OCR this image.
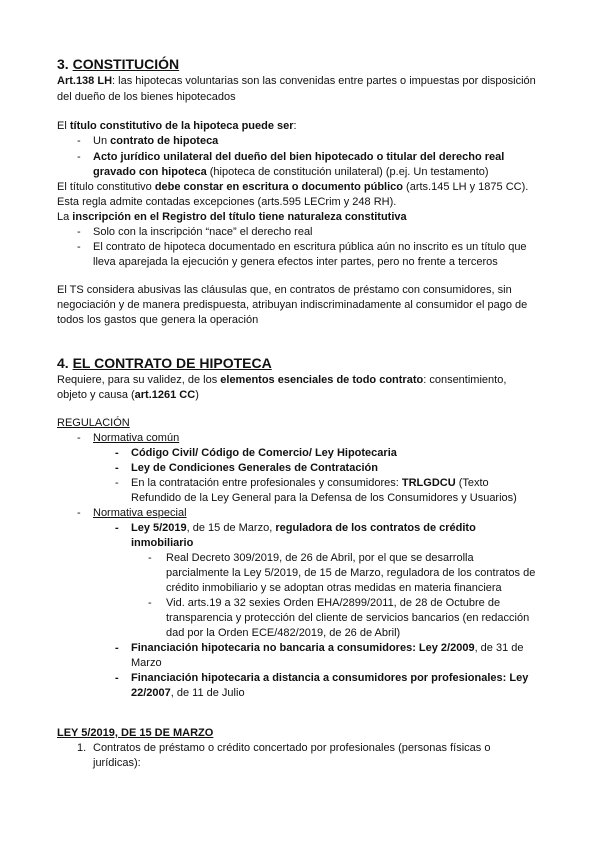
3. CONSTITUCIÓN
Art.138 LH: las hipotecas voluntarias son las convenidas entre partes o impuestas por disposición
del dueño de los bienes hipotecados
El título constitutivo de la hipoteca puede ser:
- Un contrato de hipoteca
- Acto jurídico unilateral del dueño del bien hipotecado o titular del derecho real
gravado con hipoteca (hipoteca de constitución unilateral) (p.ej. Un testamento)
El título constitutivo debe constar en escritura o documento público (arts.145 LH y 1875 CC).
Esta regla admite contadas excepciones (arts.595 LECrim y 248 RH).
La inscripción en el Registro del título tiene naturaleza constitutiva
- Solo con la inscripción “nace” el derecho real
- El contrato de hipoteca documentado en escritura pública aún no inscrito es un título que
lleva aparejada la ejecución y genera efectos inter partes, pero no frente a terceros
El TS considera abusivas las cláusulas que, en contratos de préstamo con consumidores, sin
negociación y de manera predispuesta, atribuyan indiscriminadamente al consumidor el pago de
todos los gastos que genera la operación
4. EL CONTRATO DE HIPOTECA
Requiere, para su validez, de los elementos esenciales de todo contrato: consentimiento,
objeto y causa (art.1261 CC)
REGULACIÓN
- Normativa común
- Código Civil/ Código de Comercio/ Ley Hipotecaria
- Ley de Condiciones Generales de Contratación
- En la contratación entre profesionales y consumidores: TRLGDCU (Texto
Refundido de la Ley General para la Defensa de los Consumidores y Usuarios)
- Normativa especial
- Ley 5/2019, de 15 de Marzo, reguladora de los contratos de crédito
inmobiliario
- Real Decreto 309/2019, de 26 de Abril, por el que se desarrolla
parcialmente la Ley 5/2019, de 15 de Marzo, reguladora de los contratos de
crédito inmobiliario y se adoptan otras medidas en materia financiera
- Vid. arts.19 a 32 sexies Orden EHA/2899/2011, de 28 de Octubre de
transparencia y protección del cliente de servicios bancarios (en redacción
dad por la Orden ECE/482/2019, de 26 de Abril)
- Financiación hipotecaria no bancaria a consumidores: Ley 2/2009, de 31 de
Marzo
- Financiación hipotecaria a distancia a consumidores por profesionales: Ley
22/2007, de 11 de Julio
LEY 5/2019, DE 15 DE MARZO
1. Contratos de préstamo o crédito concertado por profesionales (personas físicas o
jurídicas):
